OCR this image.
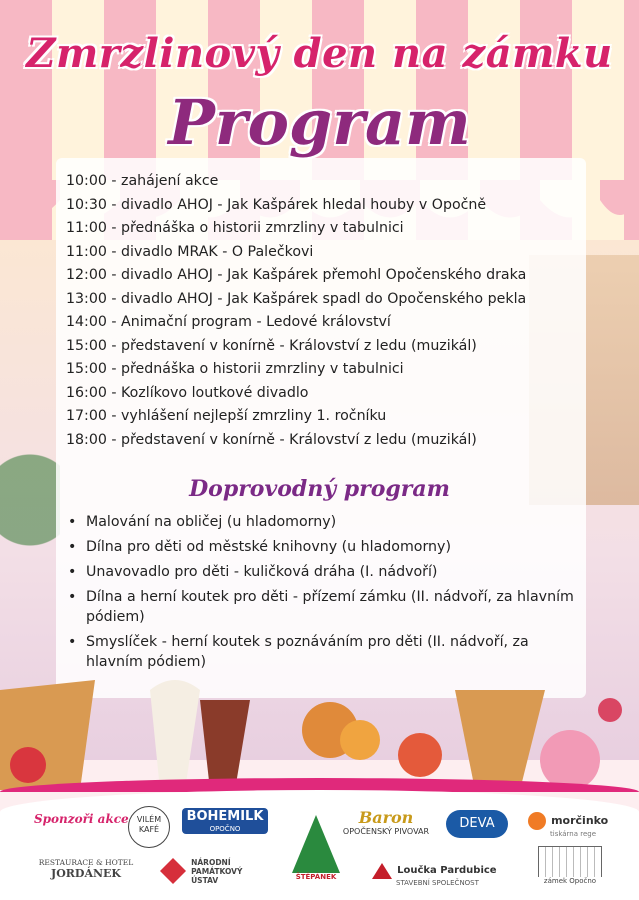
Zmrzlinový den na zámku
Program
10:00 - zahájení akce
10:30 - divadlo AHOJ - Jak Kašpárek hledal houby v Opočně
11:00 - přednáška o historii zmrzliny v tabulnici
11:00 - divadlo MRAK - O Palečkovi
12:00 - divadlo AHOJ - Jak Kašpárek přemohl Opočenského draka
13:00 - divadlo AHOJ - Jak Kašpárek spadl do Opočenského pekla
14:00 - Animační program - Ledové království
15:00 - představení v konírně - Království z ledu (muzikál)
15:00 - přednáška o historii zmrzliny v tabulnici
16:00 - Kozlíkovo loutkové divadlo
17:00 - vyhlášení nejlepší zmrzliny 1. ročníku
18:00 - představení v konírně - Království z ledu (muzikál)
Doprovodný program
• Malování na obličej (u hladomorny)
• Dílna pro děti od městské knihovny (u hladomorny)
• Unavovadlo pro děti - kuličková dráha (I. nádvoří)
• Dílna a herní koutek pro děti - přízemí zámku (II. nádvoří, za hlavním pódiem)
• Smyslíček - herní koutek s poznáváním pro děti (II. nádvoří, za hlavním pódiem)
Sponzoři akce	VILÉM KAFÉ
BOHEMILK
OPOČNO
Baron
OPOČENSKÝ PIVOVAR
DEVA	morčinko
tiskárna rege
RESTAURACE & HOTEL
JORDÁNEK
NÁRODNÍ PAMÁTKOVÝ ÚSTAV	ŠTĚPÁNEK
Loučka Pardubice
STAVEBNÍ SPOLEČNOST	zámek Opočno
